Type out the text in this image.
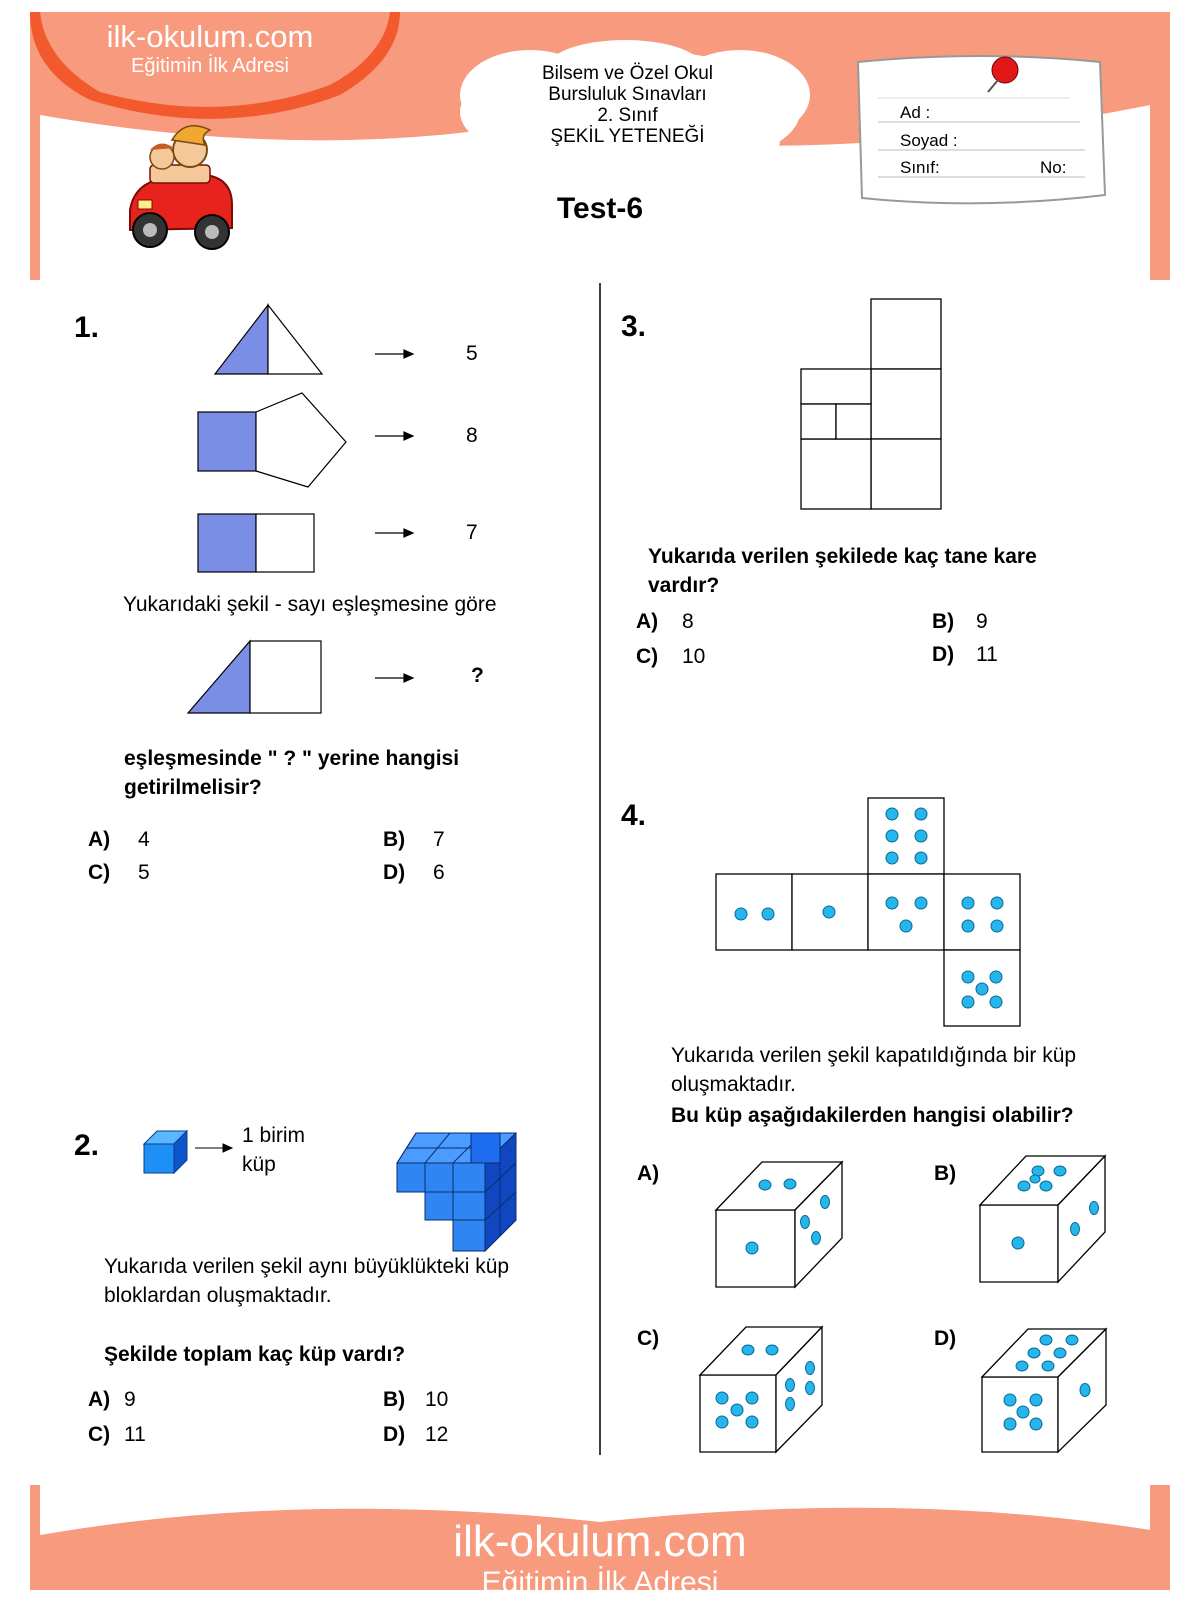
ilk-okulum.com
Eğitimin İlk Adresi	Bilsem ve Özel Okul
Bursluluk Sınavları
2. Sınıf
ŞEKİL YETENEĞİ
Test-6
Ad :
Soyad :
Sınıf:	No:
1.
5
8
7
Yukarıdaki şekil - sayı eşleşmesine göre
?
eşleşmesinde " ? " yerine hangisi getirilmelisir?
A) 4	B) 7
C) 5	D) 6
2.	1 birim
küp
Yukarıda verilen şekil aynı büyüklükteki küp bloklardan oluşmaktadır.
Şekilde toplam kaç küp vardı?
A) 9	B) 10
C) 11	D) 12
3.
Yukarıda verilen şekilede kaç tane kare vardır?
A) 8	B) 9
C) 10	D) 11
4.
Yukarıda verilen şekil kapatıldığında bir küp oluşmaktadır.
Bu küp aşağıdakilerden hangisi olabilir?
A)	B)
C)	D)
ilk-okulum.com
Eğitimin İlk Adresi
